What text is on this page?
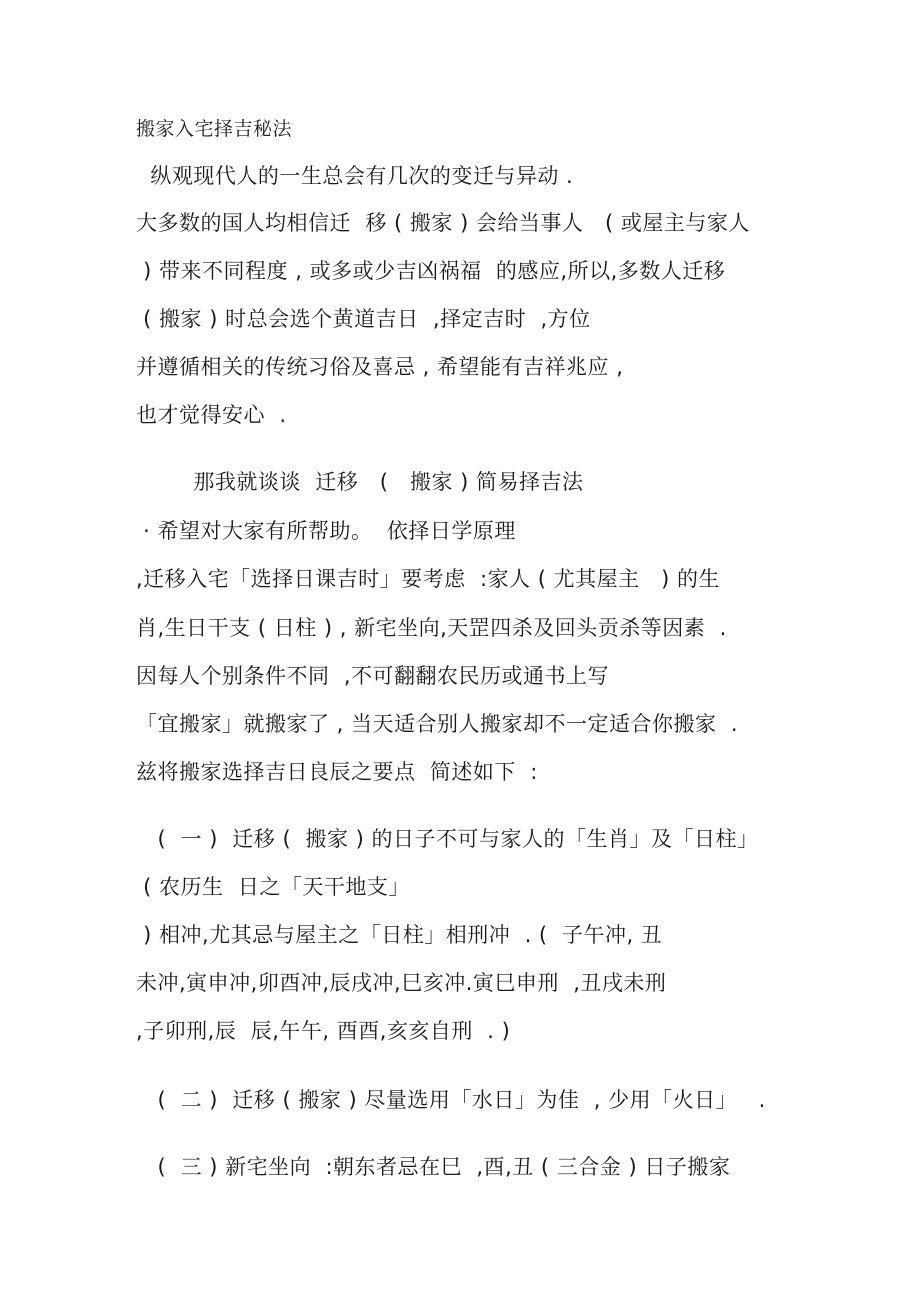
搬家入宅择吉秘法
纵观现代人的一生总会有几次的变迁与异动 .
大多数的国人均相信迁  移 ( 搬家 ) 会给当事人   ( 或屋主与家人
) 带来不同程度 , 或多或少吉凶祸福  的感应,所以,多数人迁移
( 搬家 ) 时总会选个黄道吉日  ,择定吉时  ,方位
并遵循相关的传统习俗及喜忌 , 希望能有吉祥兆应 ,
也才觉得安心  .
那我就谈谈  迁移   (   搬家 ) 简易择吉法
· 希望对大家有所帮助。  依择日学原理
,迁移入宅「选择日课吉时」要考虑  :家人 ( 尤其屋主   ) 的生
肖,生日干支 ( 日柱 ) , 新宅坐向,天罡四杀及回头贡杀等因素  .
因每人个别条件不同  ,不可翻翻农民历或通书上写
「宜搬家」就搬家了 , 当天适合别人搬家却不一定适合你搬家  .
兹将搬家选择吉日良辰之要点  简述如下  :
(  一 )  迁移 (  搬家 ) 的日子不可与家人的「生肖」及「日柱」
( 农历生  日之「天干地支」
) 相冲,尤其忌与屋主之「日柱」相刑冲  . (  子午冲, 丑
未冲,寅申冲,卯酉冲,辰戌冲,巳亥冲.寅巳申刑  ,丑戌未刑
,子卯刑,辰  辰,午午, 酉酉,亥亥自刑  . )
(  二 )  迁移 ( 搬家 ) 尽量选用「水日」为佳  , 少用「火日」   .
(  三 ) 新宅坐向  :朝东者忌在巳  ,酉,丑 ( 三合金 ) 日子搬家
